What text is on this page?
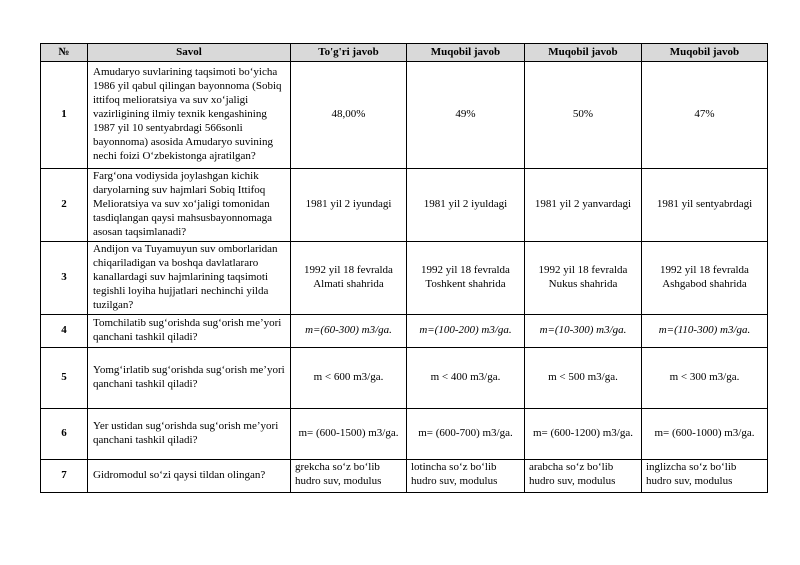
№	Savol	To'g'ri javob	Muqobil javob	Muqobil javob	Muqobil javob
1	Amudaryo suvlarining taqsimoti bo‘yicha 1986 yil qabul qilingan bayonnoma (Sobiq ittifoq melioratsiya va suv xo‘jaligi vazirligining ilmiy texnik kengashining 1987 yil 10 sentyabrdagi 566sonli bayonnoma) asosida Amudaryo suvining nechi foizi O‘zbekistonga ajratilgan?	48,00%	49%	50%	47%
2	Farg‘ona vodiysida joylashgan kichik daryolarning suv hajmlari Sobiq Ittifoq Melioratsiya va suv xo‘jaligi tomonidan tasdiqlangan qaysi mahsusbayonnomaga asosan taqsimlanadi?	1981 yil 2 iyundagi	1981 yil 2 iyuldagi	1981 yil 2 yanvardagi	1981 yil sentyabrdagi
3	Andijon va Tuyamuyun suv omborlaridan chiqariladigan va boshqa davlatlararo kanallardagi suv hajmlarining taqsimoti tegishli loyiha hujjatlari nechinchi yilda tuzilgan?	1992 yil 18 fevralda Almati shahrida	1992 yil 18 fevralda Toshkent shahrida	1992 yil 18 fevralda Nukus shahrida	1992 yil 18 fevralda Ashgabod shahrida
4	Tomchilatib sug‘orishda sug‘orish me’yori qanchani tashkil qiladi?	m=(60-300) m3/ga.	m=(100-200) m3/ga.	m=(10-300) m3/ga.	m=(110-300) m3/ga.
5	Yomg‘irlatib sug‘orishda sug‘orish me’yori qanchani tashkil qiladi?	m < 600 m3/ga.	m < 400 m3/ga.	m < 500 m3/ga.	m < 300 m3/ga.
6	Yer ustidan sug‘orishda sug‘orish me’yori qanchani tashkil qiladi?	m= (600-1500) m3/ga.	m= (600-700) m3/ga.	m= (600-1200) m3/ga.	m= (600-1000) m3/ga.
7	Gidromodul so‘zi qaysi tildan olingan?	grekcha so‘z bo‘lib hudro suv, modulus	lotincha so‘z bo‘lib hudro suv, modulus	arabcha so‘z bo‘lib hudro suv, modulus	inglizcha so‘z bo‘lib hudro suv, modulus
